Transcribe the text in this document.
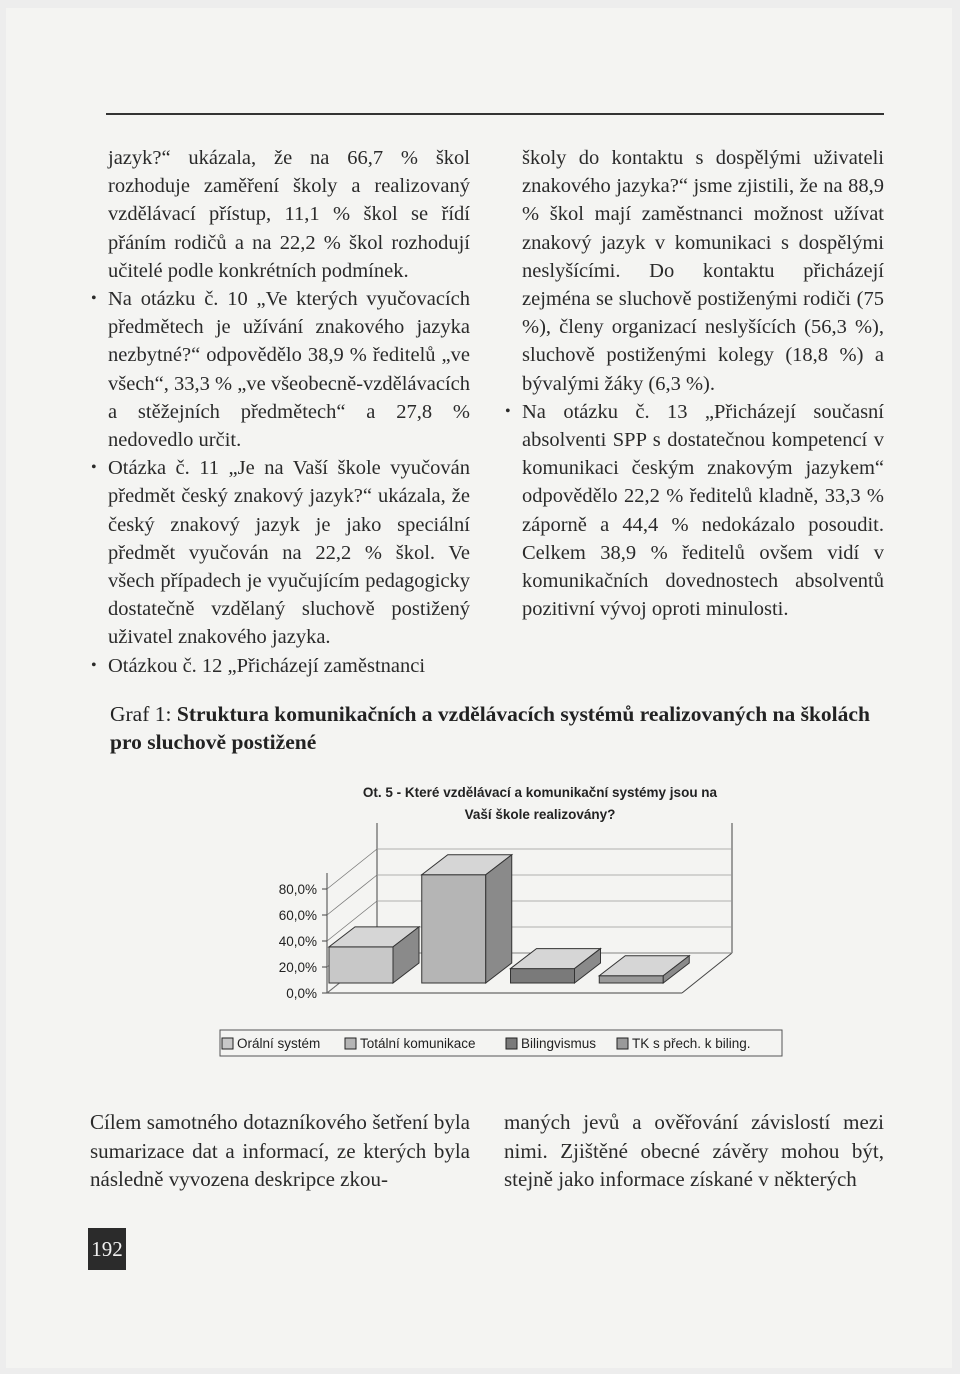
jazyk?“ ukázala, že na 66,7 % škol rozhoduje zaměření školy a realizovaný vzdělávací přístup, 11,1 % škol se řídí přáním rodičů a na 22,2 % škol rozhodují učitelé podle konkrétních podmínek.

• Na otázku č. 10 „Ve kterých vyučovacích předmětech je užívání znakového jazyka nezbytné?“ odpovědělo 38,9 % ředitelů „ve všech“, 33,3 % „ve všeobecně-vzdělávacích a stěžejních předmětech“ a 27,8 % nedovedlo určit.

• Otázka č. 11 „Je na Vaší škole vyučován předmět český znakový jazyk?“ ukázala, že český znakový jazyk je jako speciální předmět vyučován na 22,2 % škol. Ve všech případech je vyučujícím pedagogicky dostatečně vzdělaný sluchově postižený uživatel znakového jazyka.

• Otázkou č. 12 „Přicházejí zaměstnanci

školy do kontaktu s dospělými uživateli znakového jazyka?“ jsme zjistili, že na 88,9 % škol mají zaměstnanci možnost užívat znakový jazyk v komunikaci s dospělými neslyšícími. Do kontaktu přicházejí zejména se sluchově postiženými rodiči (75 %), členy organizací neslyšících (56,3 %), sluchově postiženými kolegy (18,8 %) a bývalými žáky (6,3 %).

• Na otázku č. 13 „Přicházejí současní absolventi SPP s dostatečnou kompetencí v komunikaci českým znakovým jazykem“ odpovědělo 22,2 % ředitelů kladně, 33,3 % záporně a 44,4 % nedokázalo posoudit. Celkem 38,9 % ředitelů ovšem vidí v komunikačních dovednostech absolventů pozitivní vývoj oproti minulosti.

Graf 1: Struktura komunikačních a vzdělávacích systémů realizovaných na školách pro sluchově postižené
Ot. 5 - Které vzdělávací a komunikační systémy jsou na
Vaší škole realizovány?
0,0%
20,0%
40,0%
60,0%
80,0%
Orální systém	Totální komunikace	Bilingvismus	TK s přech. k biling.

Cílem samotného dotazníkového šetření byla sumarizace dat a informací, ze kterých byla následně vyvozena deskripce zkou-

maných jevů a ověřování závislostí mezi nimi. Zjištěné obecné závěry mohou být, stejně jako informace získané v některých

192
